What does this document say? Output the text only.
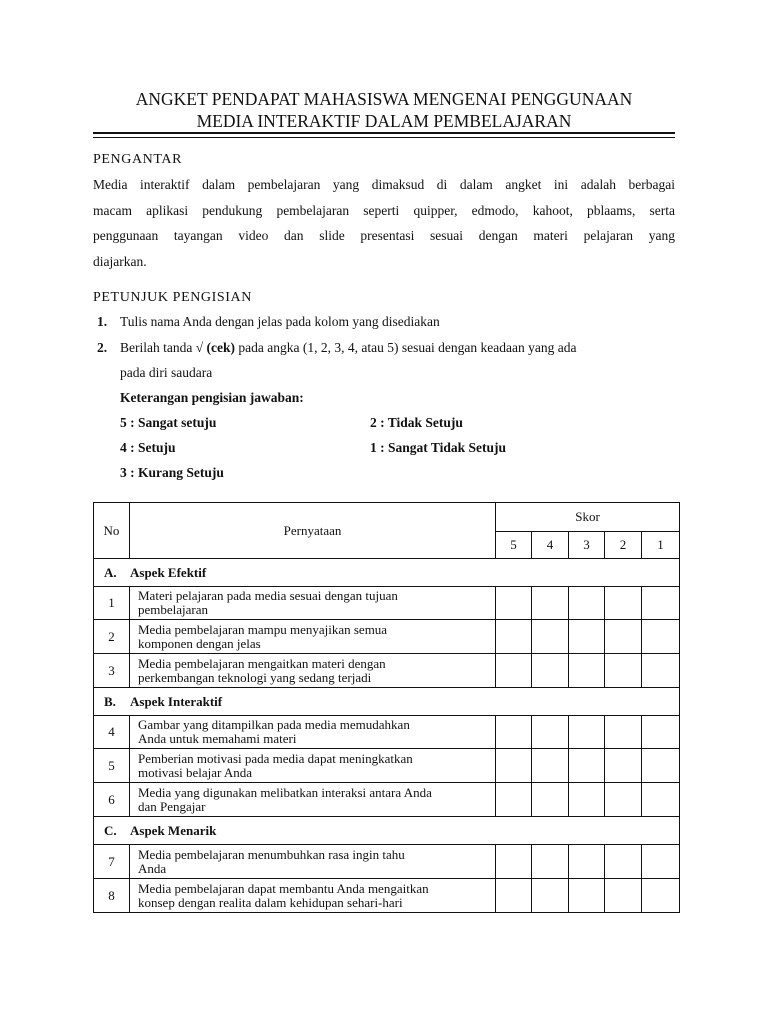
ANGKET PENDAPAT MAHASISWA MENGENAI PENGGUNAAN
MEDIA INTERAKTIF DALAM PEMBELAJARAN
PENGANTAR
Media interaktif dalam pembelajaran yang dimaksud di dalam angket ini adalah berbagai
macam aplikasi pendukung pembelajaran seperti quipper, edmodo, kahoot, pblaams, serta
penggunaan tayangan video dan slide presentasi sesuai dengan materi pelajaran yang
diajarkan.
PETUNJUK PENGISIAN
1. Tulis nama Anda dengan jelas pada kolom yang disediakan
2. Berilah tanda √ (cek) pada angka (1, 2, 3, 4, atau 5) sesuai dengan keadaan yang ada
pada diri saudara
Keterangan pengisian jawaban:
5 : Sangat setuju	2 : Tidak Setuju
4 : Setuju	1 : Sangat Tidak Setuju
3 : Kurang Setuju
No	Pernyataan	Skor				
		5	4	3	2	1
A. Aspek Efektif						
1	Materi pelajaran pada media sesuai dengan tujuan
pembelajaran					

2	Media pembelajaran mampu menyajikan semua
komponen dengan jelas					

3	Media pembelajaran mengaitkan materi dengan
perkembangan teknologi yang sedang terjadi					

B. Aspek Interaktif						
4	Gambar yang ditampilkan pada media memudahkan
Anda untuk memahami materi					

5	Pemberian motivasi pada media dapat meningkatkan
motivasi belajar Anda					

6	Media yang digunakan melibatkan interaksi antara Anda
dan Pengajar					

C. Aspek Menarik						
7	Media pembelajaran menumbuhkan rasa ingin tahu
Anda					

8	Media pembelajaran dapat membantu Anda mengaitkan
konsep dengan realita dalam kehidupan sehari-hari					
